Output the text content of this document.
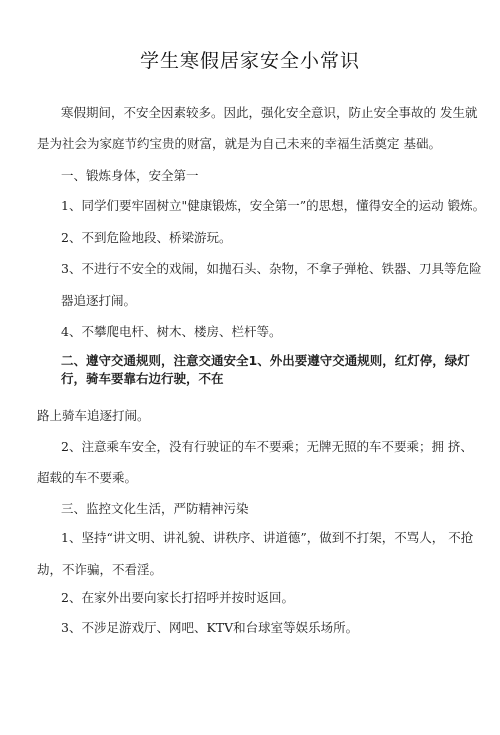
学生寒假居家安全小常识
寒假期间，不安全因素较多。因此，强化安全意识，防止安全事故的 发生就
是为社会为家庭节约宝贵的财富，就是为自己未来的幸福生活奠定 基础。
一、锻炼身体，安全第一
1、同学们要牢固树立"健康锻炼，安全第一”的思想，懂得安全的运动 锻炼。
2、不到危险地段、桥梁游玩。
3、不进行不安全的戏闹，如抛石头、杂物，不拿子弹枪、铁器、刀具等危险
器追逐打闹。
4、不攀爬电杆、树木、楼房、栏杆等。
二、遵守交通规则，注意交通安全1、外出要遵守交通规则，红灯停，绿灯
行，骑车要靠右边行驶，不在
路上骑车追逐打闹。
2、注意乘车安全，没有行驶证的车不要乘；无牌无照的车不要乘；拥 挤、
超载的车不要乘。
三、监控文化生活，严防精神污染
1、坚持“讲文明、讲礼貌、讲秩序、讲道德”，做到不打架，不骂人， 不抢
劫，不诈骗，不看淫。
2、在家外出要向家长打招呼并按时返回。
3、不涉足游戏厅、网吧、KTV和台球室等娱乐场所。
